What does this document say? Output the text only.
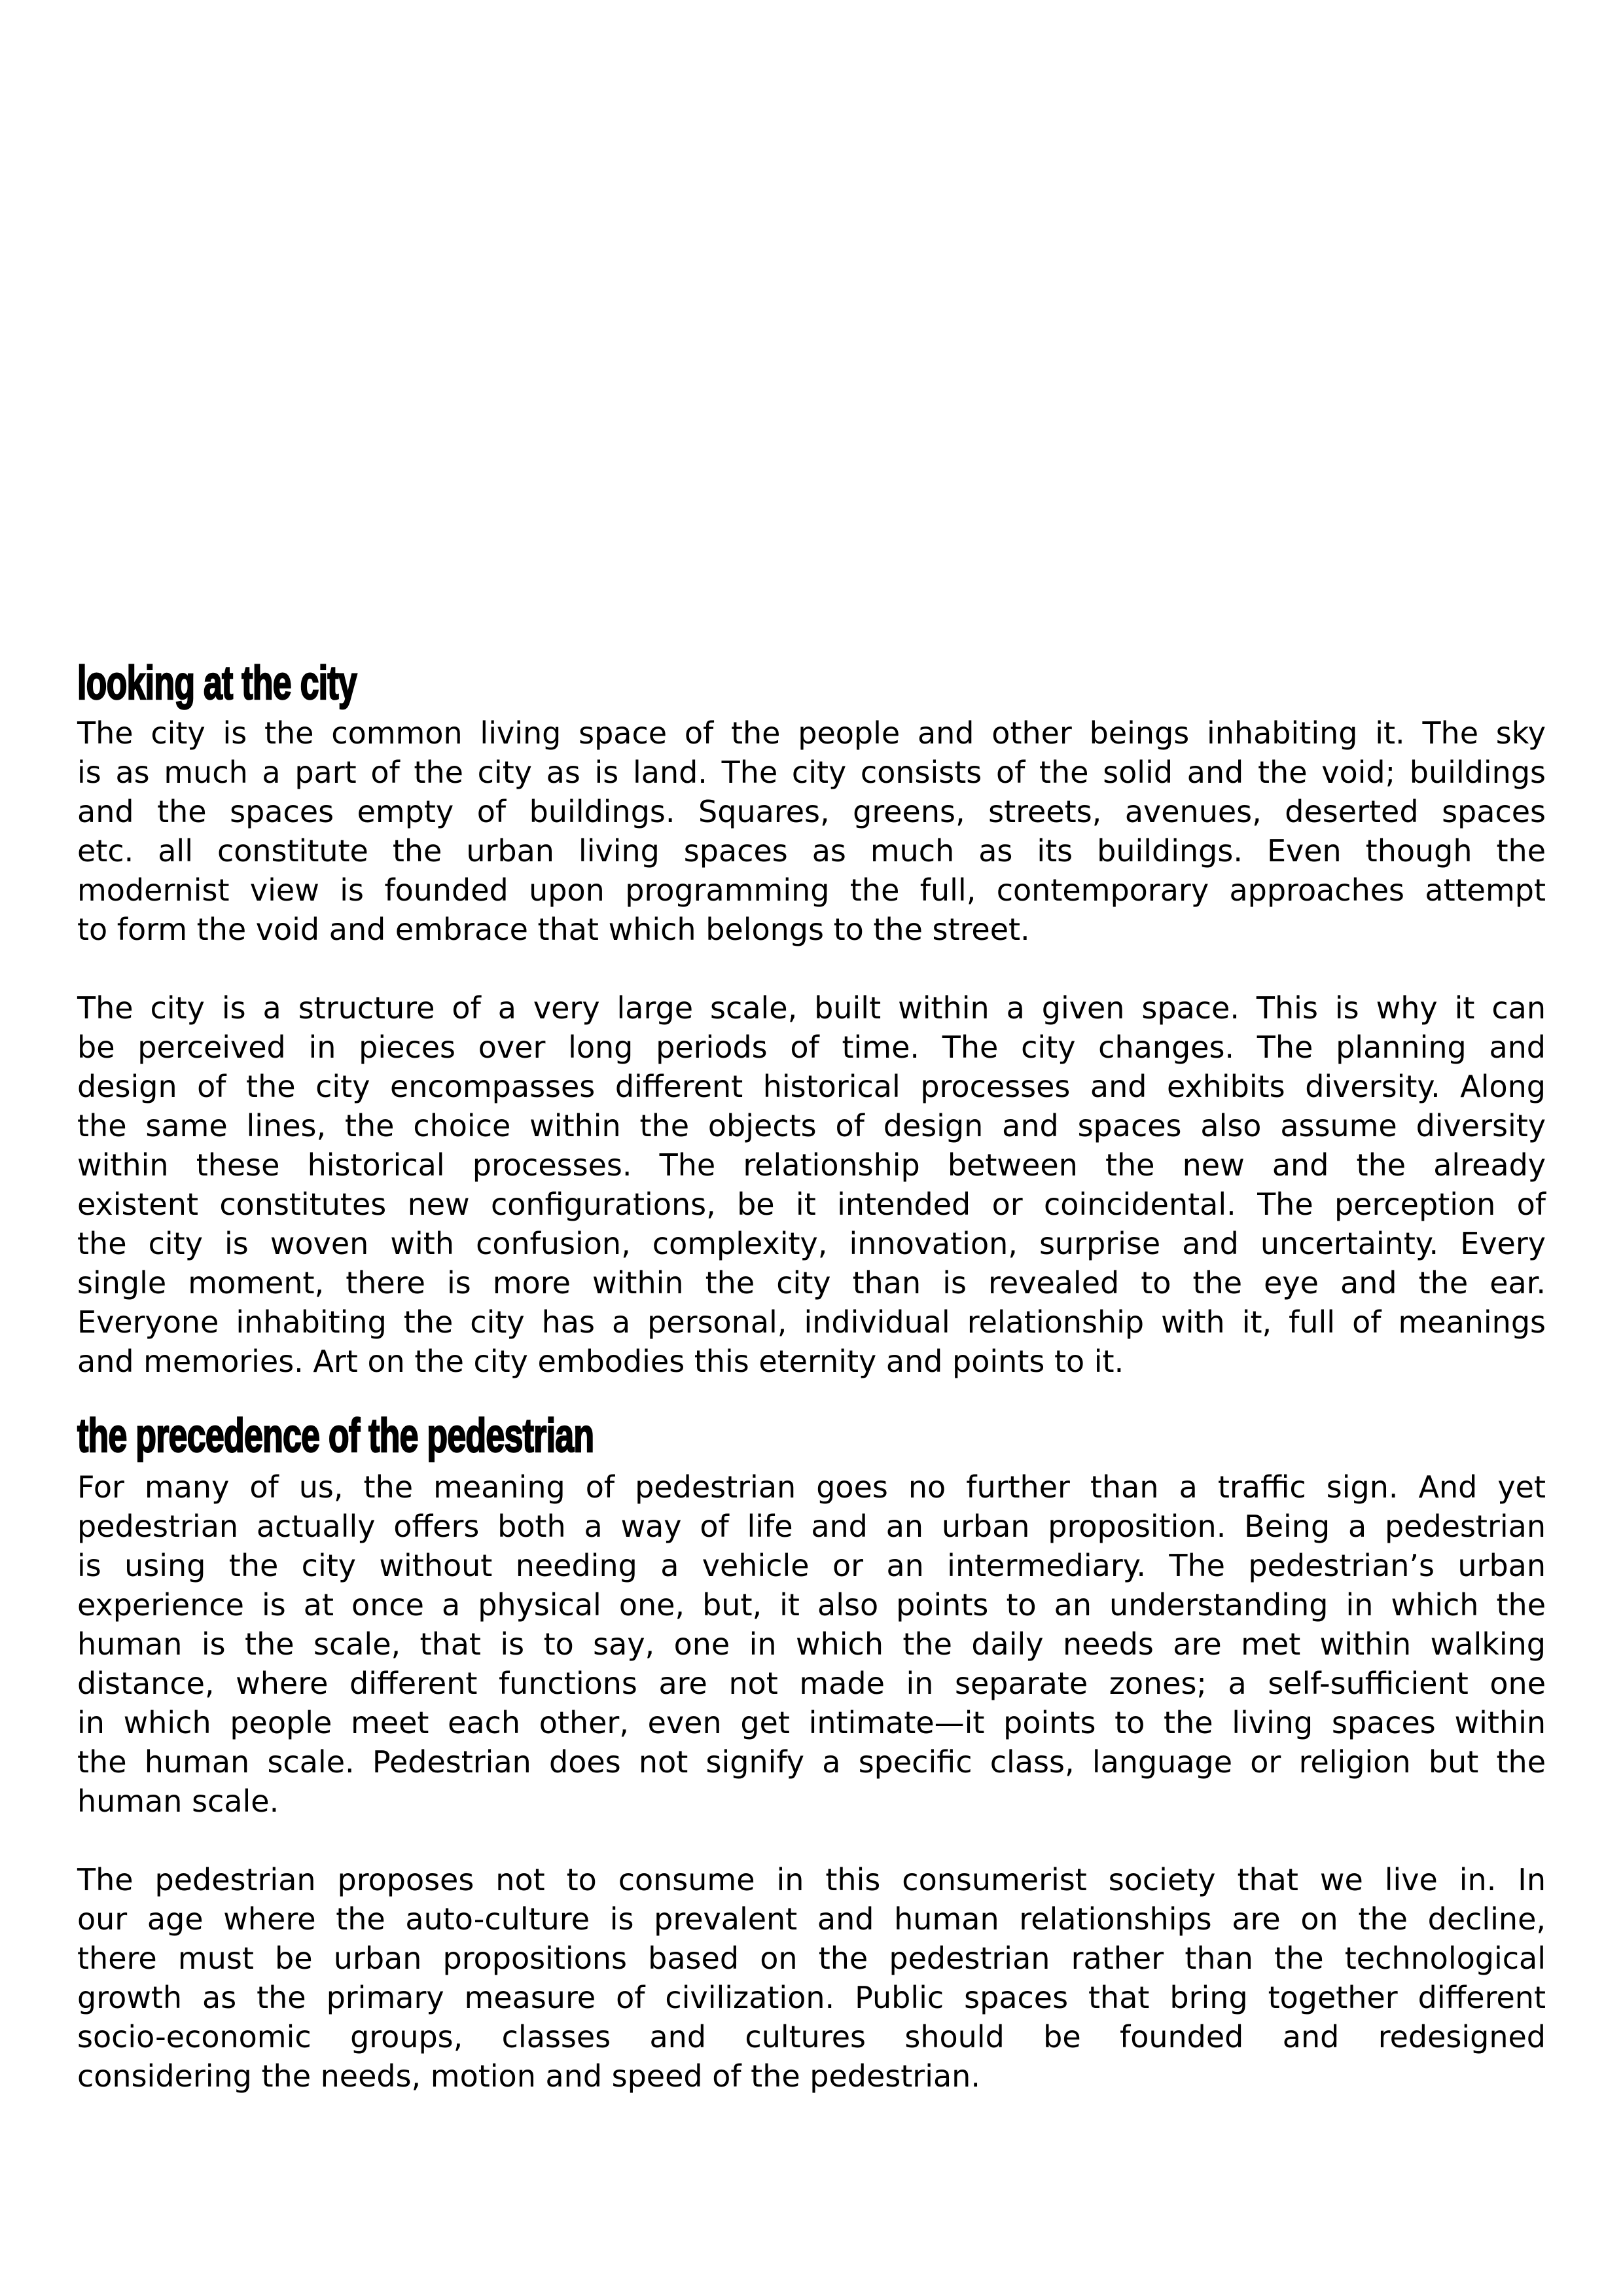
looking at the city

The city is the common living space of the people and other beings inhabiting it. The sky
is as much a part of the city as is land. The city consists of the solid and the void; buildings
and the spaces empty of buildings. Squares, greens, streets, avenues, deserted spaces
etc. all constitute the urban living spaces as much as its buildings. Even though the
modernist view is founded upon programming the full, contemporary approaches attempt
to form the void and embrace that which belongs to the street.

The city is a structure of a very large scale, built within a given space. This is why it can
be perceived in pieces over long periods of time. The city changes. The planning and
design of the city encompasses different historical processes and exhibits diversity. Along
the same lines, the choice within the objects of design and spaces also assume diversity
within these historical processes. The relationship between the new and the already
existent constitutes new configurations, be it intended or coincidental. The perception of
the city is woven with confusion, complexity, innovation, surprise and uncertainty. Every
single moment, there is more within the city than is revealed to the eye and the ear.
Everyone inhabiting the city has a personal, individual relationship with it, full of meanings
and memories. Art on the city embodies this eternity and points to it.

the precedence of the pedestrian

For many of us, the meaning of pedestrian goes no further than a traffic sign. And yet
pedestrian actually offers both a way of life and an urban proposition. Being a pedestrian
is using the city without needing a vehicle or an intermediary. The pedestrian’s urban
experience is at once a physical one, but, it also points to an understanding in which the
human is the scale, that is to say, one in which the daily needs are met within walking
distance, where different functions are not made in separate zones; a self-sufficient one
in which people meet each other, even get intimate—it points to the living spaces within
the human scale. Pedestrian does not signify a specific class, language or religion but the
human scale.

The pedestrian proposes not to consume in this consumerist society that we live in. In
our age where the auto-culture is prevalent and human relationships are on the decline,
there must be urban propositions based on the pedestrian rather than the technological
growth as the primary measure of civilization. Public spaces that bring together different
socio-economic groups, classes and cultures should be founded and redesigned
considering the needs, motion and speed of the pedestrian.
